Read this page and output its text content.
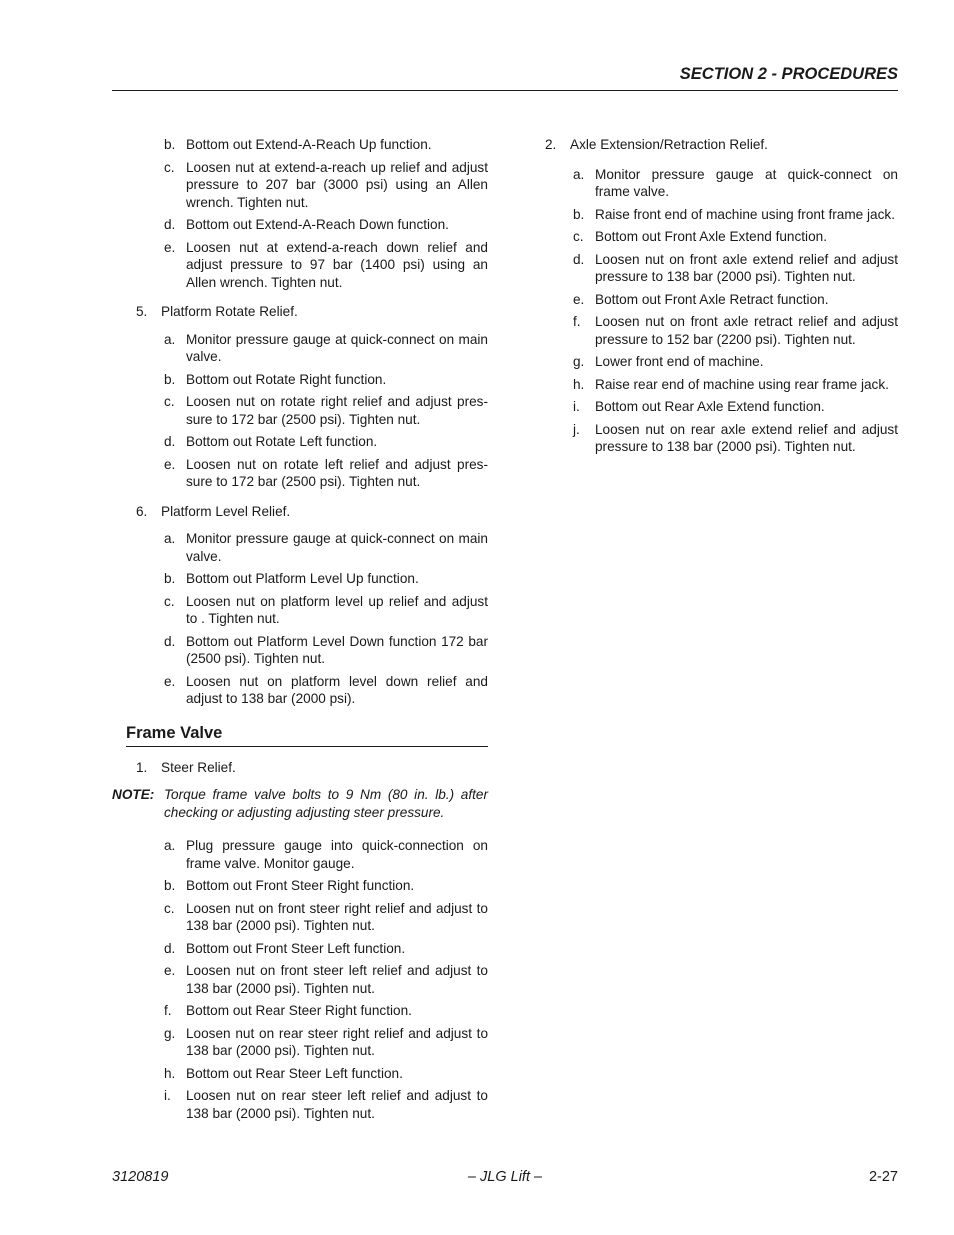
SECTION 2 - PROCEDURES
b. Bottom out Extend-A-Reach Up function.
c. Loosen nut at extend-a-reach up relief and adjust pressure to 207 bar (3000 psi) using an Allen wrench. Tighten nut.
d. Bottom out Extend-A-Reach Down function.
e. Loosen nut at extend-a-reach down relief and adjust pressure to 97 bar (1400 psi) using an Allen wrench. Tighten nut.
5.	Platform Rotate Relief.
a. Monitor pressure gauge at quick-connect on main valve.
b. Bottom out Rotate Right function.
c. Loosen nut on rotate right relief and adjust pres-sure to 172 bar (2500 psi). Tighten nut.
d. Bottom out Rotate Left function.
e. Loosen nut on rotate left relief and adjust pres-sure to 172 bar (2500 psi). Tighten nut.
6.	Platform Level Relief.
a. Monitor pressure gauge at quick-connect on main valve.
b. Bottom out Platform Level Up function.
c. Loosen nut on platform level up relief and adjust to . Tighten nut.
d. Bottom out Platform Level Down function 172 bar (2500 psi). Tighten nut.
e. Loosen nut on platform level down relief and adjust to 138 bar (2000 psi).
Frame Valve
1.	Steer Relief.
NOTE: Torque frame valve bolts to 9 Nm (80 in. lb.) after checking or adjusting adjusting steer pressure.
a. Plug pressure gauge into quick-connection on frame valve. Monitor gauge.
b. Bottom out Front Steer Right function.
c. Loosen nut on front steer right relief and adjust to 138 bar (2000 psi). Tighten nut.
d. Bottom out Front Steer Left function.
e. Loosen nut on front steer left relief and adjust to 138 bar (2000 psi). Tighten nut.
f.	Bottom out Rear Steer Right function.
g. Loosen nut on rear steer right relief and adjust to 138 bar (2000 psi). Tighten nut.
h. Bottom out Rear Steer Left function.
i.	Loosen nut on rear steer left relief and adjust to 138 bar (2000 psi). Tighten nut.
2.	Axle Extension/Retraction Relief.
a. Monitor pressure gauge at quick-connect on frame valve.
b. Raise front end of machine using front frame jack.
c. Bottom out Front Axle Extend function.
d. Loosen nut on front axle extend relief and adjust pressure to 138 bar (2000 psi). Tighten nut.
e. Bottom out Front Axle Retract function.
f.	Loosen nut on front axle retract relief and adjust pressure to 152 bar (2200 psi). Tighten nut.
g. Lower front end of machine.
h. Raise rear end of machine using rear frame jack.
i.	Bottom out Rear Axle Extend function.
j.	Loosen nut on rear axle extend relief and adjust pressure to 138 bar (2000 psi). Tighten nut.
3120819	– JLG Lift –	2-27
